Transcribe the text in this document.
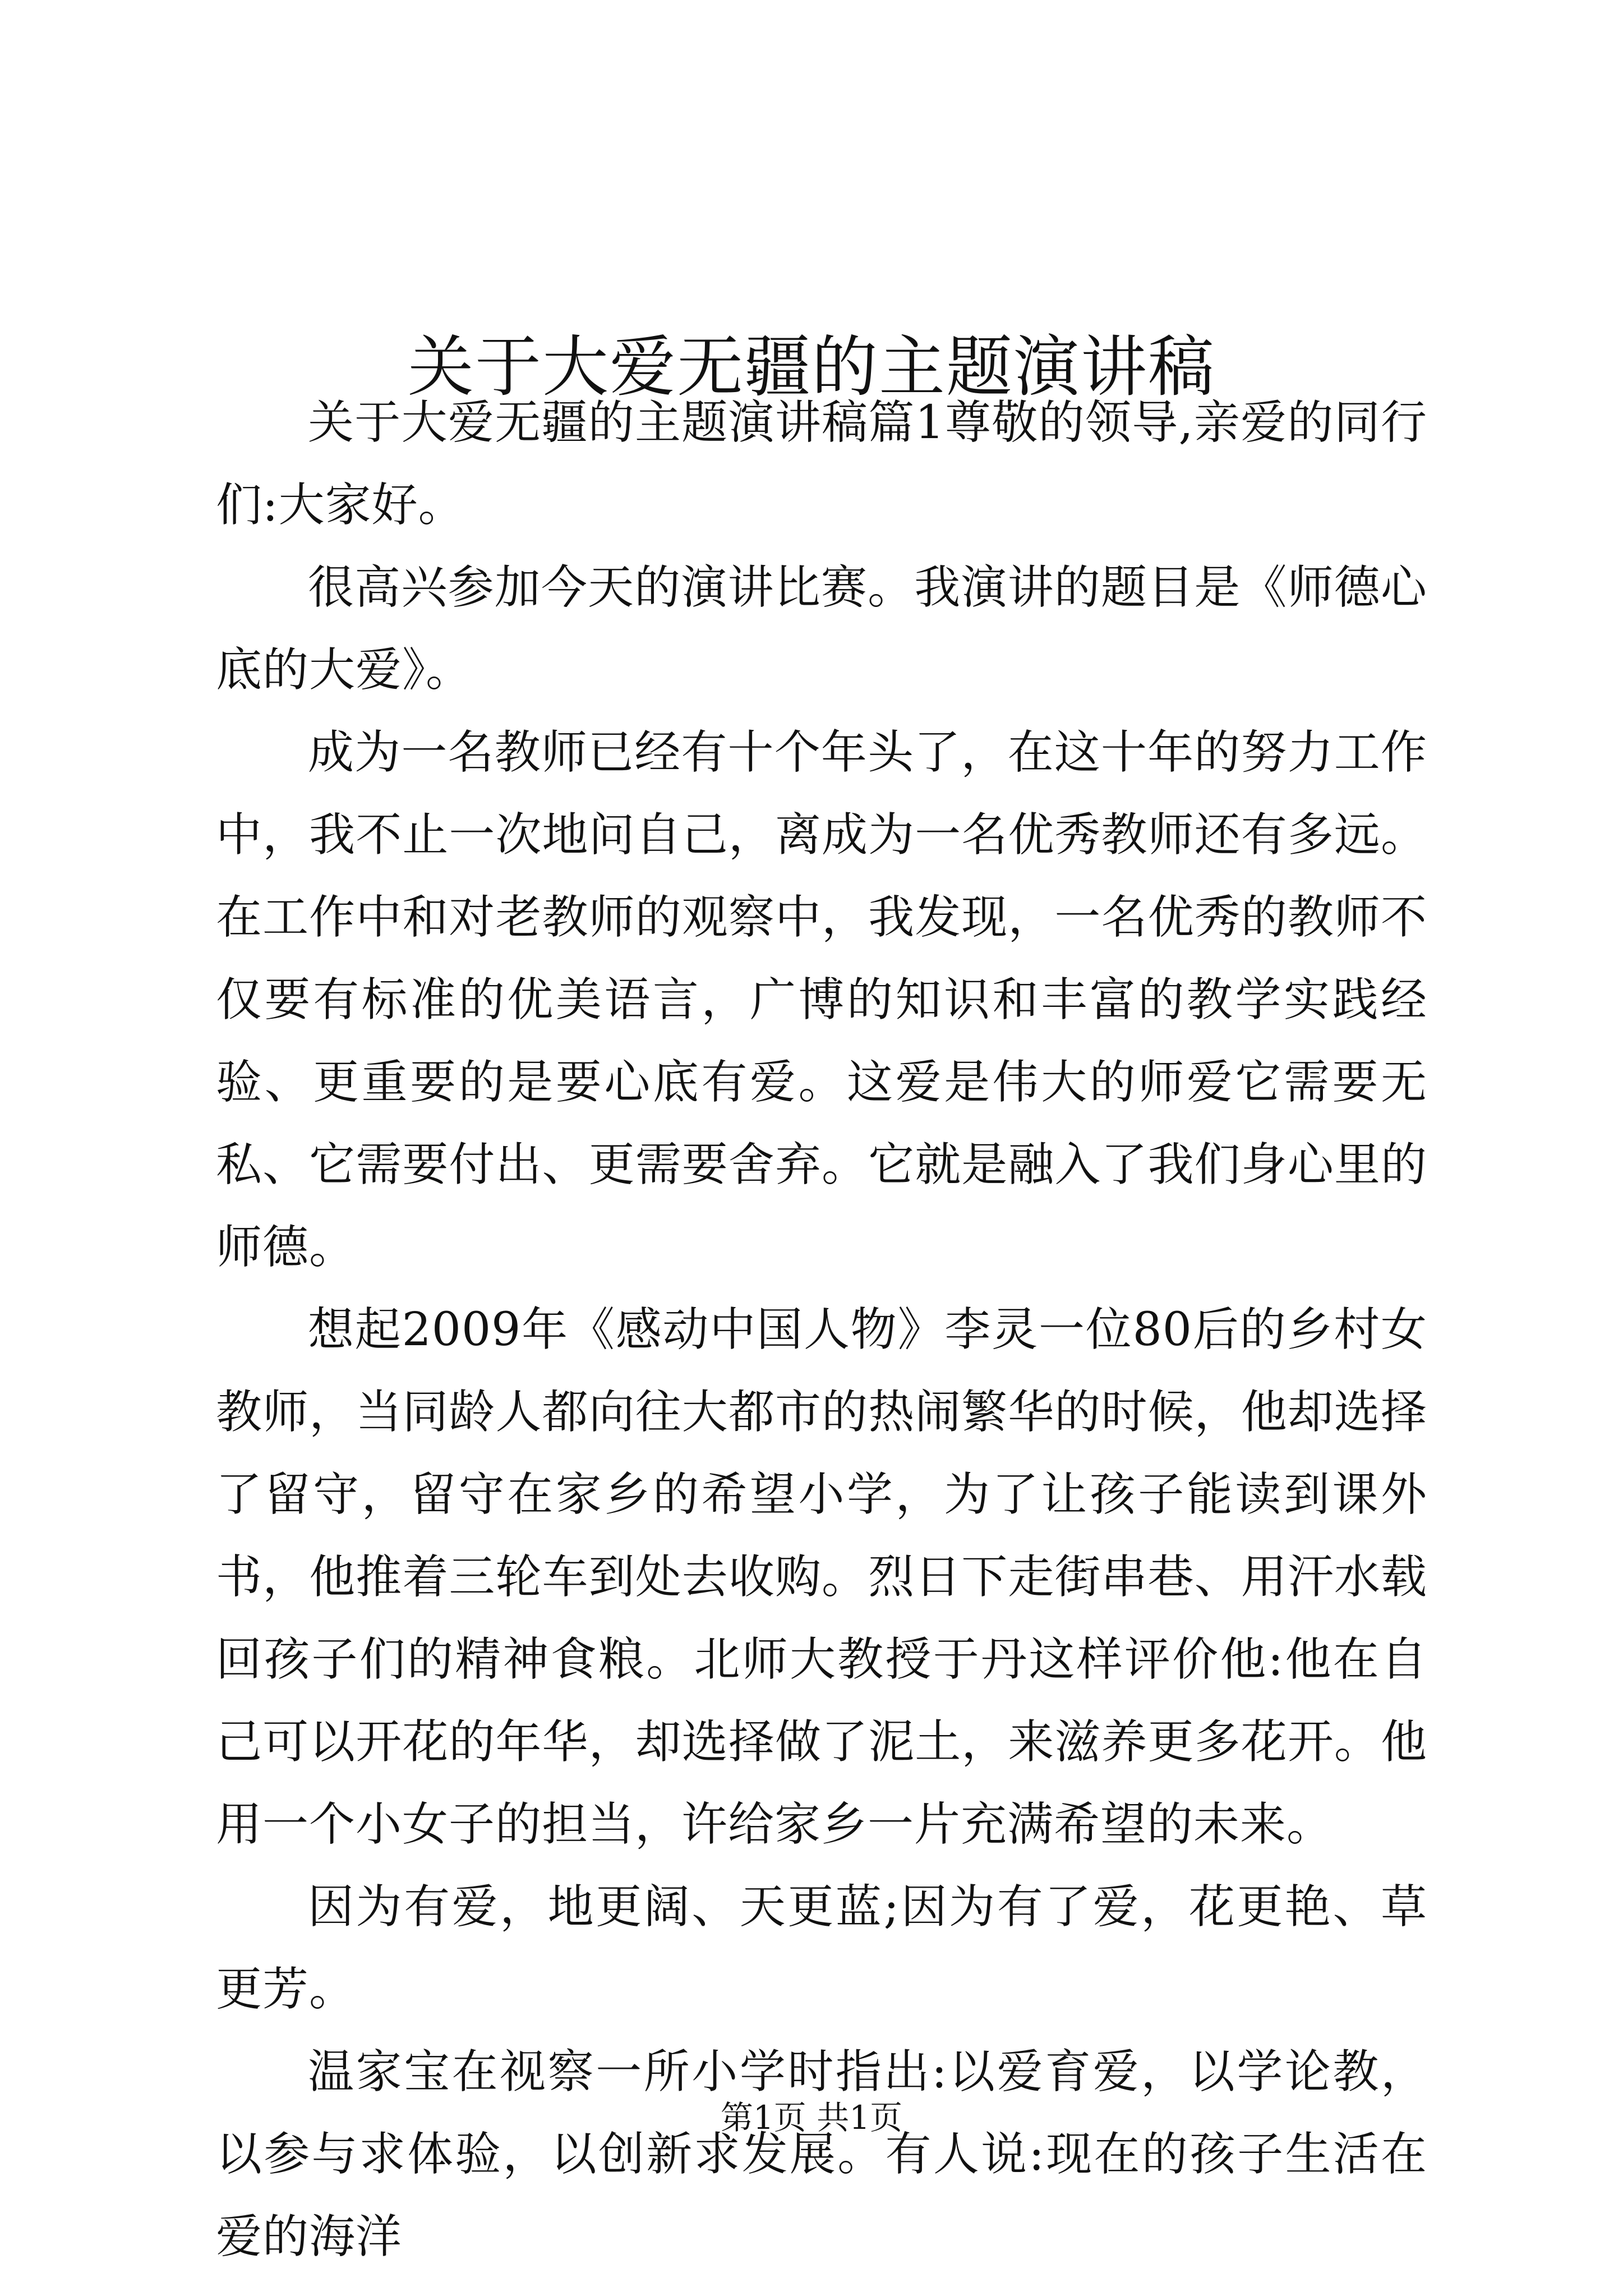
关于大爱无疆的主题演讲稿

关于大爱无疆的主题演讲稿篇1尊敬的领导,亲爱的同行们:大家好。

很高兴参加今天的演讲比赛。我演讲的题目是《师德心底的大爱》。

成为一名教师已经有十个年头了，在这十年的努力工作中，我不止一次地问自己，离成为一名优秀教师还有多远。在工作中和对老教师的观察中，我发现，一名优秀的教师不仅要有标准的优美语言，广博的知识和丰富的教学实践经验、更重要的是要心底有爱。这爱是伟大的师爱它需要无私、它需要付出、更需要舍弃。它就是融入了我们身心里的师德。

想起2009年《感动中国人物》李灵一位80后的乡村女教师，当同龄人都向往大都市的热闹繁华的时候，他却选择了留守，留守在家乡的希望小学，为了让孩子能读到课外书，他推着三轮车到处去收购。烈日下走街串巷、用汗水载回孩子们的精神食粮。北师大教授于丹这样评价他:他在自己可以开花的年华，却选择做了泥土，来滋养更多花开。他用一个小女子的担当，许给家乡一片充满希望的未来。

因为有爱，地更阔、天更蓝;因为有了爱，花更艳、草更芳。

温家宝在视察一所小学时指出:以爱育爱，以学论教，以参与求体验，以创新求发展。有人说:现在的孩子生活在爱的海洋

第1页 共1页
